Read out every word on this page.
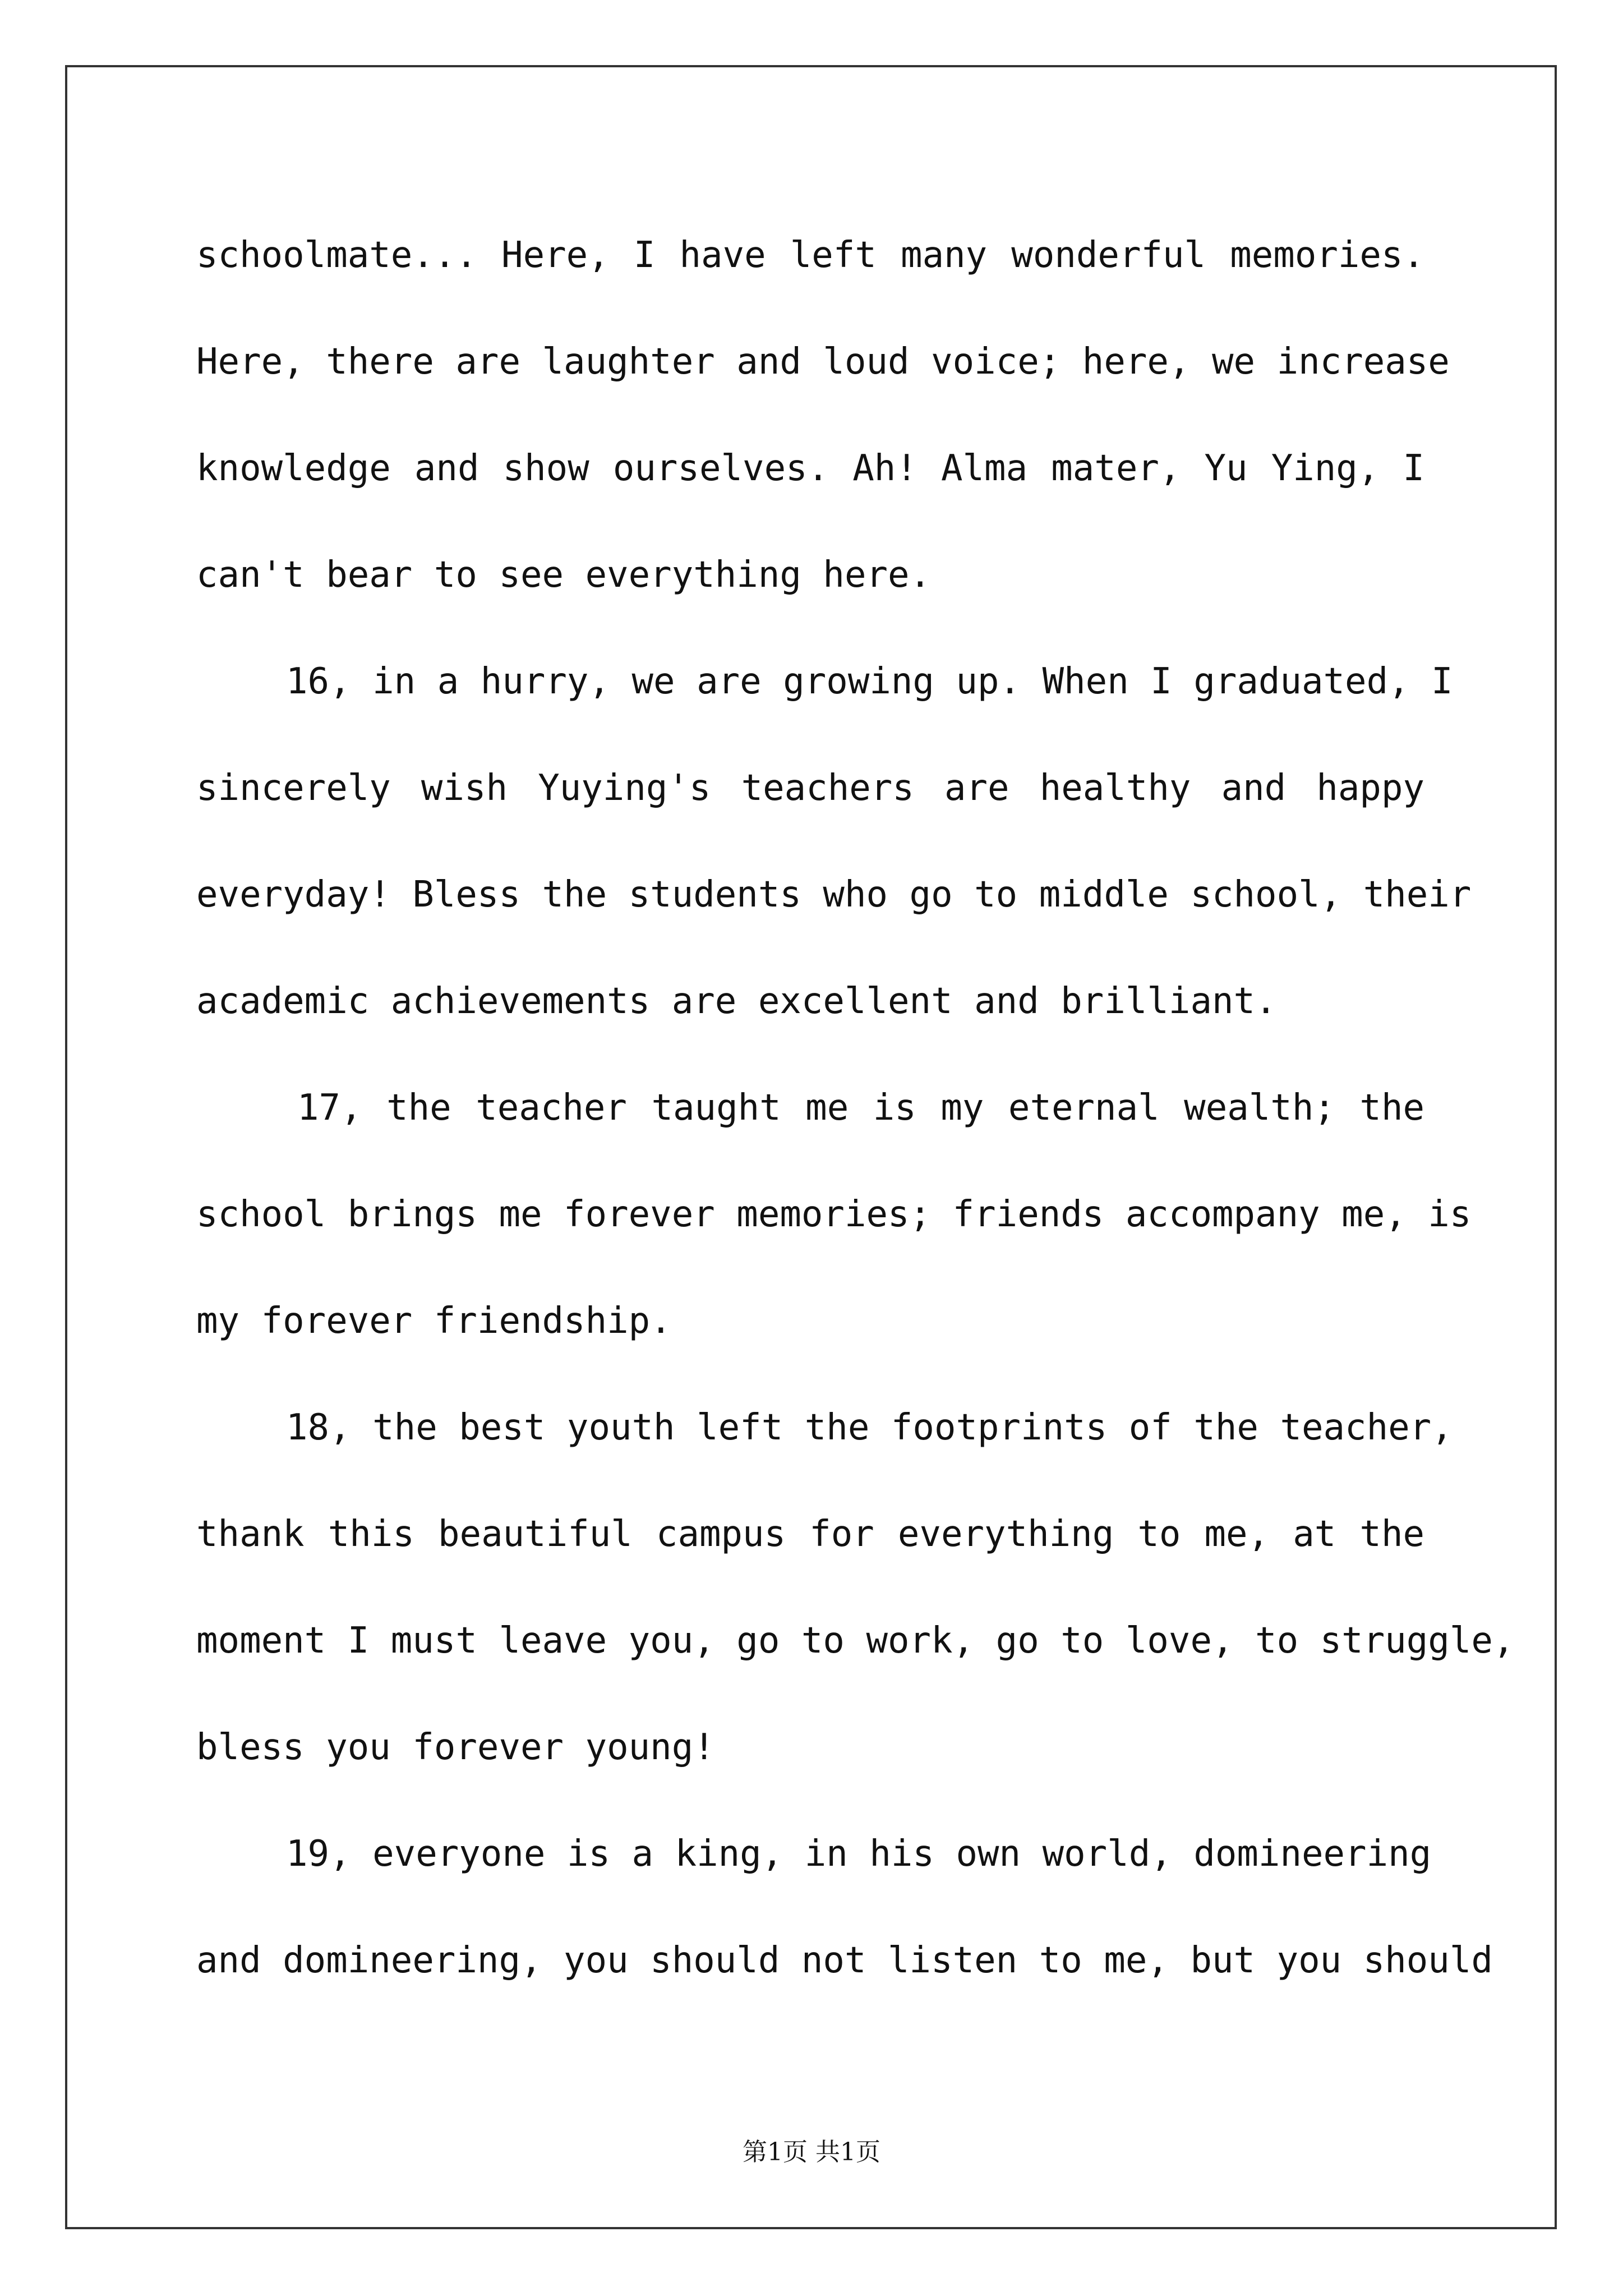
schoolmate... Here, I have left many wonderful memories.
Here, there are laughter and loud voice; here, we increase
knowledge and show ourselves. Ah! Alma mater, Yu Ying, I
can't bear to see everything here.
16, in a hurry, we are growing up. When I graduated, I
sincerely wish Yuying's teachers are healthy and happy
everyday! Bless the students who go to middle school, their
academic achievements are excellent and brilliant.
17, the teacher taught me is my eternal wealth; the
school brings me forever memories; friends accompany me, is
my forever friendship.
18, the best youth left the footprints of the teacher,
thank this beautiful campus for everything to me, at the
moment I must leave you, go to work, go to love, to struggle,
bless you forever young!
19, everyone is a king, in his own world, domineering
and domineering, you should not listen to me, but you should
第1页 共1页
